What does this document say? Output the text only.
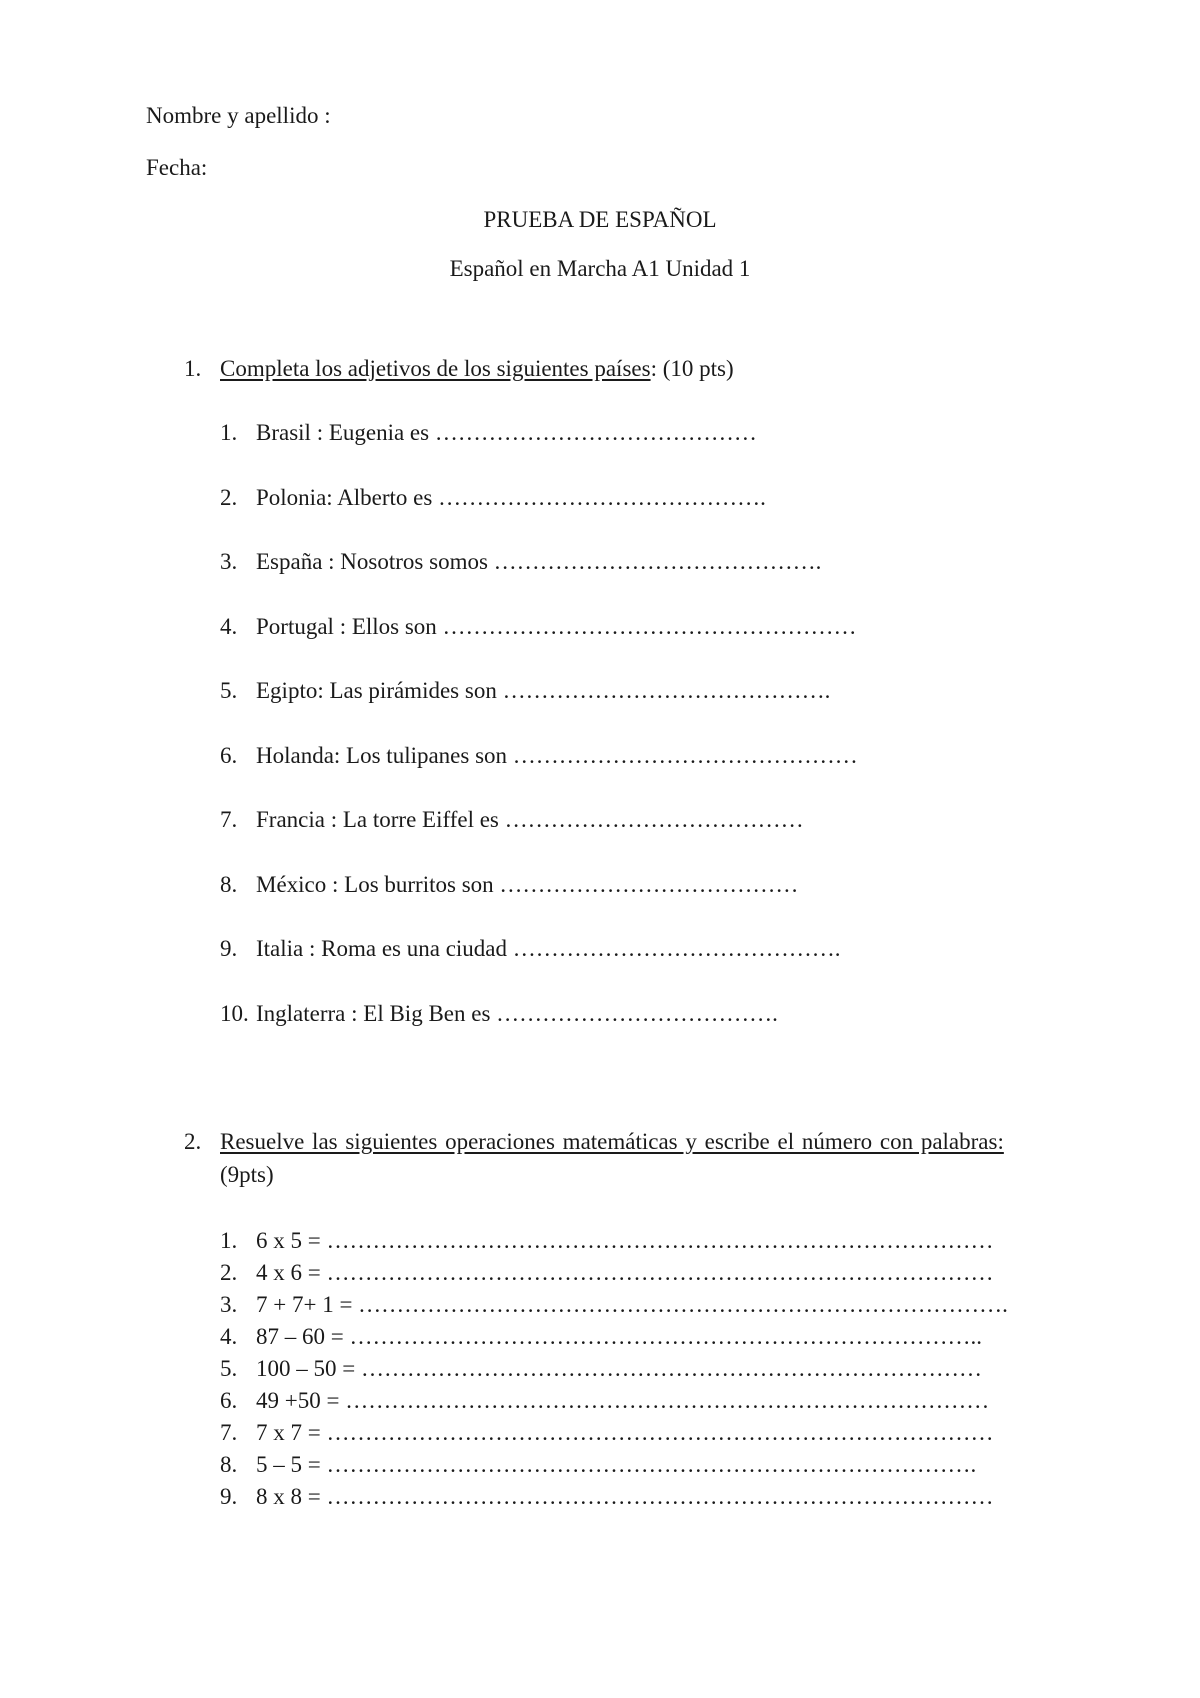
Nombre y apellido :
Fecha:
PRUEBA DE ESPAÑOL
Español en Marcha A1 Unidad 1
1. Completa los adjetivos de los siguientes países: (10 pts)
1. Brasil : Eugenia es ……………………………………
2. Polonia: Alberto es …………………………………….
3. España : Nosotros somos …………………………………….
4. Portugal : Ellos son ………………………………………………
5. Egipto: Las pirámides son …………………………………….
6. Holanda: Los tulipanes son ………………………………………
7. Francia : La torre Eiffel es …………………………………
8. México : Los burritos son …………………………………
9. Italia : Roma es una ciudad …………………………………….
10. Inglaterra : El Big Ben es ……………………………….
2. Resuelve las siguientes operaciones matemáticas y escribe el número con palabras:
(9pts)
1. 6 x 5 = ……………………………………………………………………………
2. 4 x 6 = ……………………………………………………………………………
3. 7 + 7+ 1 = ………………………………………………………………………….
4. 87 – 60 = ………………………………………………………………………..
5. 100 – 50 = ………………………………………………………………………
6. 49 +50 = …………………………………………………………………………
7. 7 x 7 = ……………………………………………………………………………
8. 5 – 5 = ………………………………………………………………………….
9. 8 x 8 = ……………………………………………………………………………
